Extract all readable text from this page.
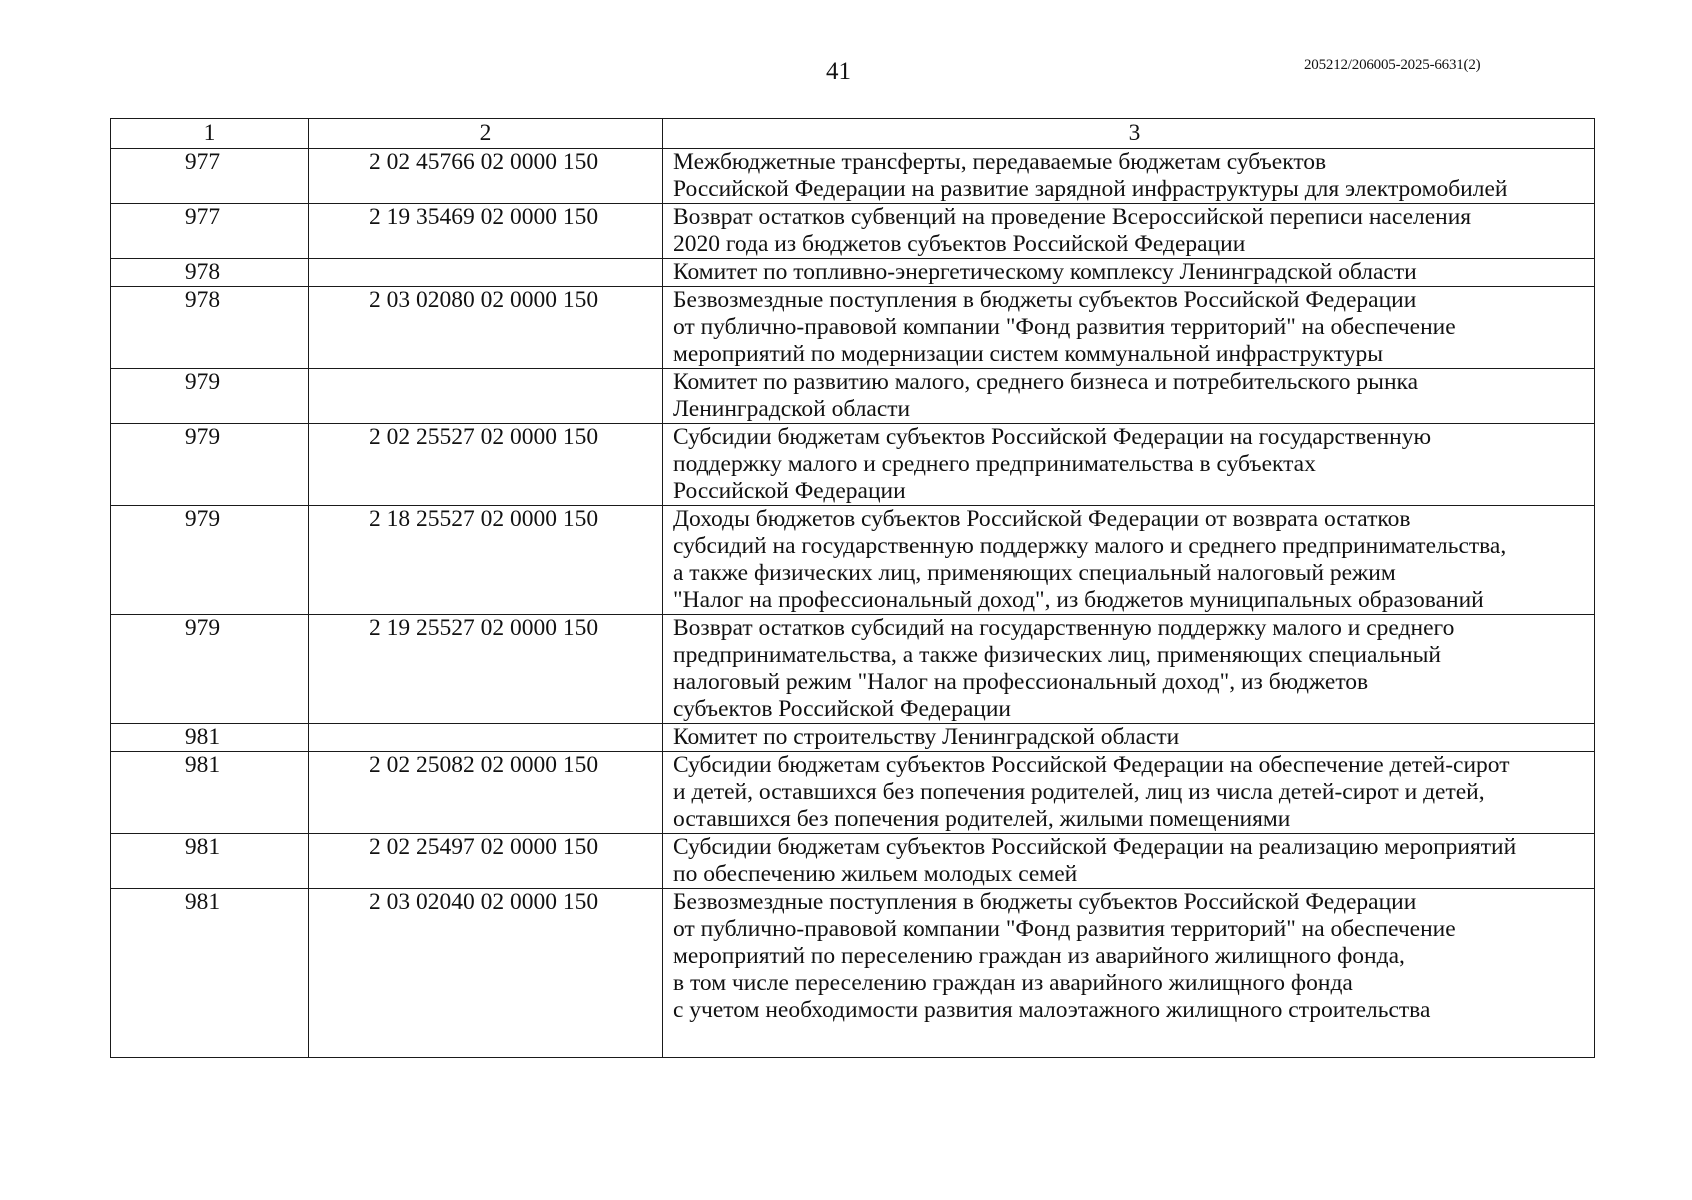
41	205212/206005-2025-6631(2)
1	2	3
977	2 02 45766 02 0000 150	Межбюджетные трансферты, передаваемые бюджетам субъектов
Российской Федерации на развитие зарядной инфраструктуры для электромобилей

977	2 19 35469 02 0000 150	Возврат остатков субвенций на проведение Всероссийской переписи населения
2020 года из бюджетов субъектов Российской Федерации

978		Комитет по топливно-энергетическому комплексу Ленинградской области

978	2 03 02080 02 0000 150	Безвозмездные поступления в бюджеты субъектов Российской Федерации
от публично-правовой компании "Фонд развития территорий" на обеспечение
мероприятий по модернизации систем коммунальной инфраструктуры

979		Комитет по развитию малого, среднего бизнеса и потребительского рынка
Ленинградской области

979	2 02 25527 02 0000 150	Субсидии бюджетам субъектов Российской Федерации на государственную
поддержку малого и среднего предпринимательства в субъектах
Российской Федерации

979	2 18 25527 02 0000 150	Доходы бюджетов субъектов Российской Федерации от возврата остатков
субсидий на государственную поддержку малого и среднего предпринимательства,
а также физических лиц, применяющих специальный налоговый режим
"Налог на профессиональный доход", из бюджетов муниципальных образований

979	2 19 25527 02 0000 150	Возврат остатков субсидий на государственную поддержку малого и среднего
предпринимательства, а также физических лиц, применяющих специальный
налоговый режим "Налог на профессиональный доход", из бюджетов
субъектов Российской Федерации

981		Комитет по строительству Ленинградской области

981	2 02 25082 02 0000 150	Субсидии бюджетам субъектов Российской Федерации на обеспечение детей-сирот
и детей, оставшихся без попечения родителей, лиц из числа детей-сирот и детей,
оставшихся без попечения родителей, жилыми помещениями

981	2 02 25497 02 0000 150	Субсидии бюджетам субъектов Российской Федерации на реализацию мероприятий
по обеспечению жильем молодых семей

981	2 03 02040 02 0000 150	Безвозмездные поступления в бюджеты субъектов Российской Федерации
от публично-правовой компании "Фонд развития территорий" на обеспечение
мероприятий по переселению граждан из аварийного жилищного фонда,
в том числе переселению граждан из аварийного жилищного фонда
с учетом необходимости развития малоэтажного жилищного строительства
